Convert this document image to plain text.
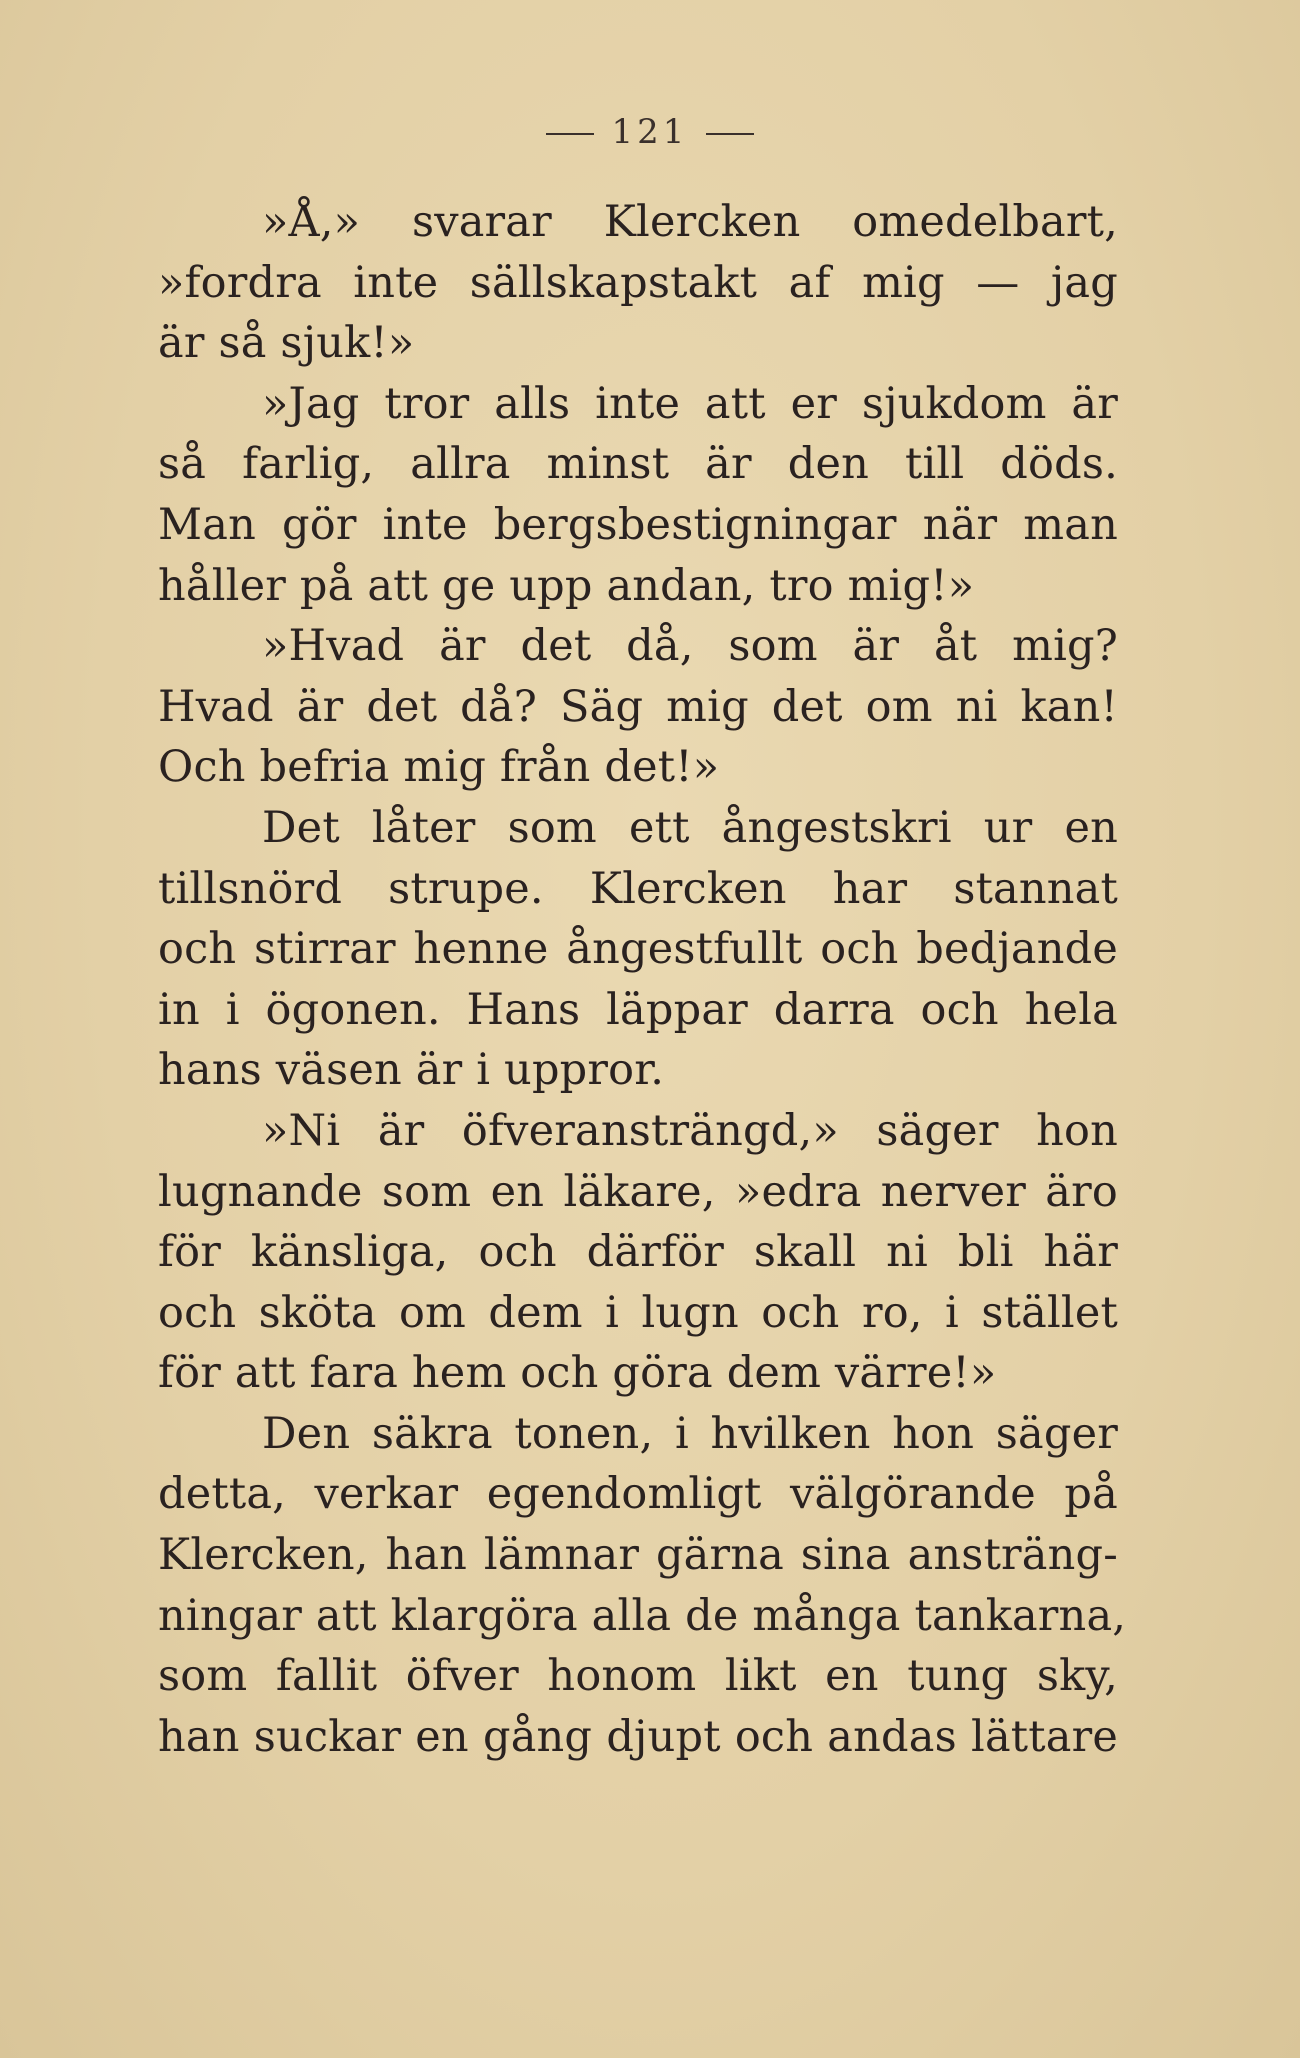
121
»Å,» svarar Klercken omedelbart,
»fordra inte sällskapstakt af mig — jag
är så sjuk!»
»Jag tror alls inte att er sjukdom är
så farlig, allra minst är den till döds.
Man gör inte bergsbestigningar när man
håller på att ge upp andan, tro mig!»
»Hvad är det då, som är åt mig?
Hvad är det då? Säg mig det om ni kan!
Och befria mig från det!»
Det låter som ett ångestskri ur en
tillsnörd strupe. Klercken har stannat
och stirrar henne ångestfullt och bedjande
in i ögonen. Hans läppar darra och hela
hans väsen är i uppror.
»Ni är öfveransträngd,» säger hon
lugnande som en läkare, »edra nerver äro
för känsliga, och därför skall ni bli här
och sköta om dem i lugn och ro, i stället
för att fara hem och göra dem värre!»
Den säkra tonen, i hvilken hon säger
detta, verkar egendomligt välgörande på
Klercken, han lämnar gärna sina ansträng-
ningar att klargöra alla de många tankarna,
som fallit öfver honom likt en tung sky,
han suckar en gång djupt och andas lättare
